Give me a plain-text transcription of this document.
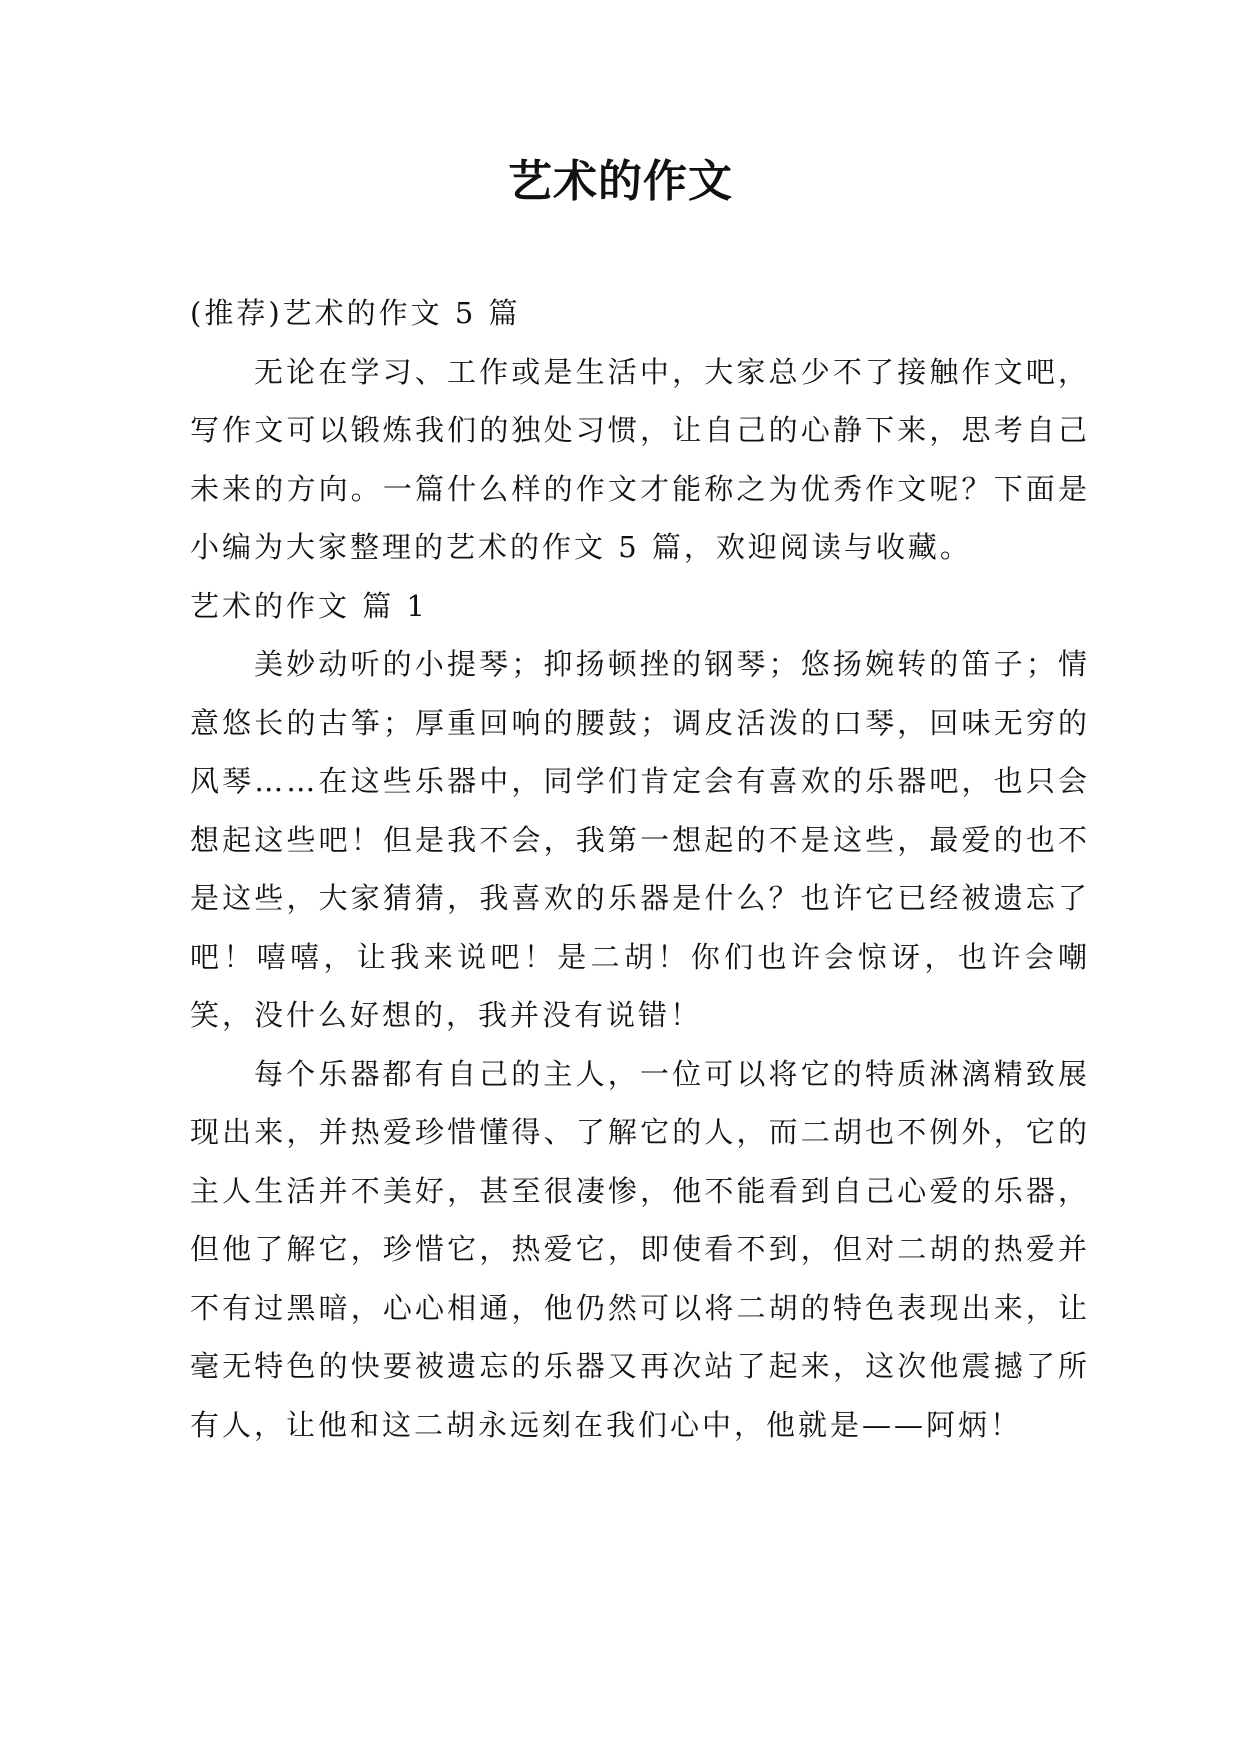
艺术的作文

(推荐)艺术的作文 5 篇

无论在学习、工作或是生活中，大家总少不了接触作文吧，写作文可以锻炼我们的独处习惯，让自己的心静下来，思考自己未来的方向。一篇什么样的作文才能称之为优秀作文呢？下面是小编为大家整理的艺术的作文 5 篇，欢迎阅读与收藏。

艺术的作文 篇 1

美妙动听的小提琴；抑扬顿挫的钢琴；悠扬婉转的笛子；情意悠长的古筝；厚重回响的腰鼓；调皮活泼的口琴，回味无穷的风琴……在这些乐器中，同学们肯定会有喜欢的乐器吧，也只会想起这些吧！但是我不会，我第一想起的不是这些，最爱的也不是这些，大家猜猜，我喜欢的乐器是什么？也许它已经被遗忘了吧！嘻嘻，让我来说吧！是二胡！你们也许会惊讶，也许会嘲笑，没什么好想的，我并没有说错！

每个乐器都有自己的主人，一位可以将它的特质淋漓精致展现出来，并热爱珍惜懂得、了解它的人，而二胡也不例外，它的主人生活并不美好，甚至很凄惨，他不能看到自己心爱的乐器，但他了解它，珍惜它，热爱它，即使看不到，但对二胡的热爱并不有过黑暗，心心相通，他仍然可以将二胡的特色表现出来，让毫无特色的快要被遗忘的乐器又再次站了起来，这次他震撼了所有人，让他和这二胡永远刻在我们心中，他就是——阿炳！
